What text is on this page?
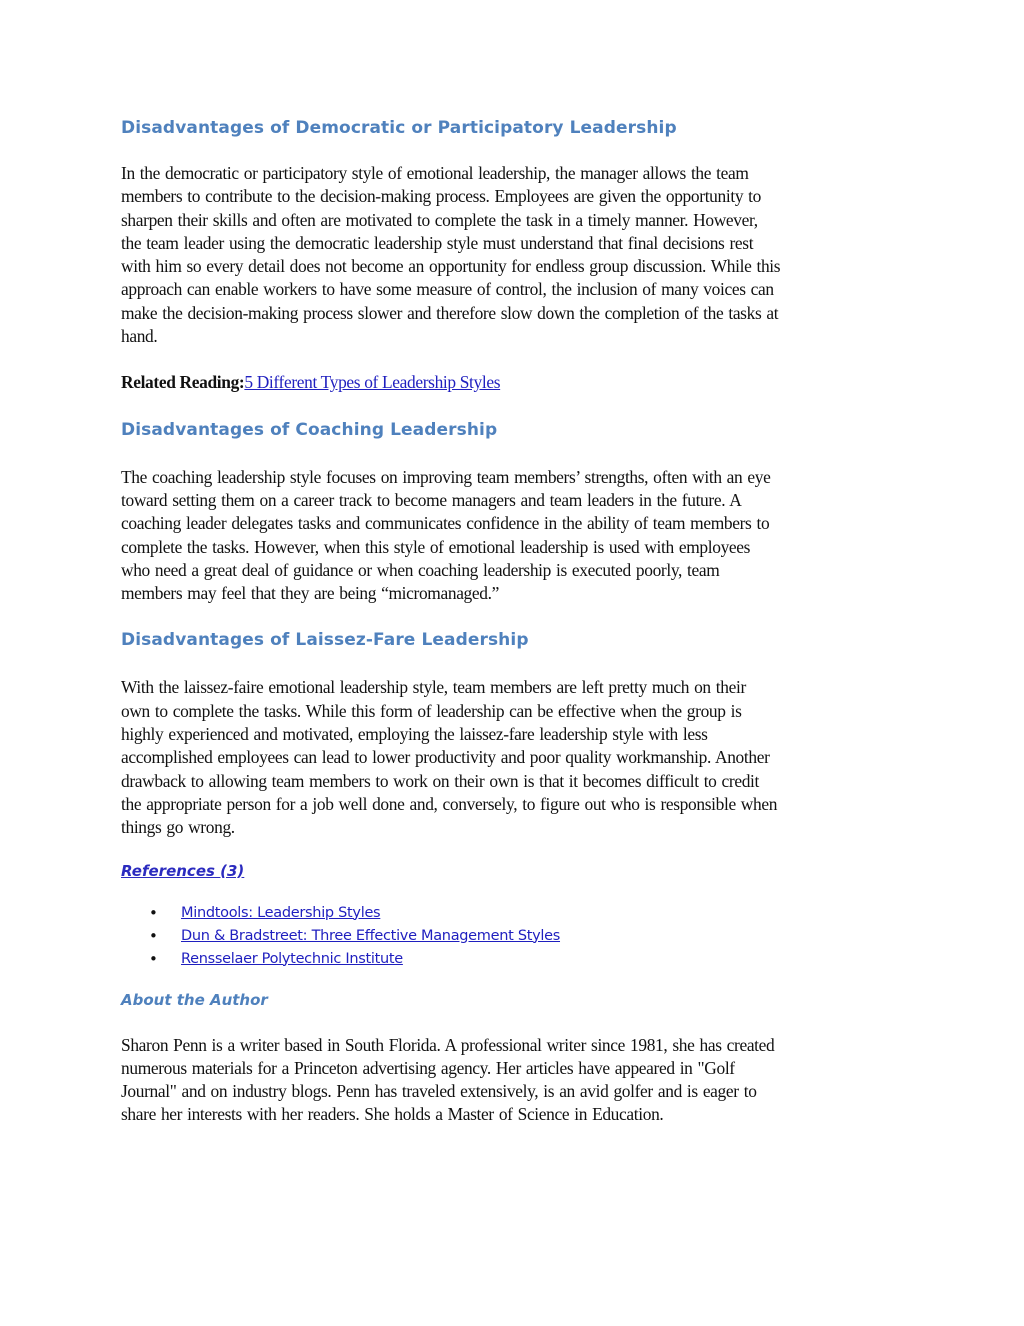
Disadvantages of Democratic or Participatory Leadership

In the democratic or participatory style of emotional leadership, the manager allows the team
members to contribute to the decision-making process. Employees are given the opportunity to
sharpen their skills and often are motivated to complete the task in a timely manner. However,
the team leader using the democratic leadership style must understand that final decisions rest
with him so every detail does not become an opportunity for endless group discussion. While this
approach can enable workers to have some measure of control, the inclusion of many voices can
make the decision-making process slower and therefore slow down the completion of the tasks at
hand.

Related Reading:5 Different Types of Leadership Styles

Disadvantages of Coaching Leadership

The coaching leadership style focuses on improving team members’ strengths, often with an eye
toward setting them on a career track to become managers and team leaders in the future. A
coaching leader delegates tasks and communicates confidence in the ability of team members to
complete the tasks. However, when this style of emotional leadership is used with employees
who need a great deal of guidance or when coaching leadership is executed poorly, team
members may feel that they are being “micromanaged.”

Disadvantages of Laissez-Fare Leadership

With the laissez-faire emotional leadership style, team members are left pretty much on their
own to complete the tasks. While this form of leadership can be effective when the group is
highly experienced and motivated, employing the laissez-fare leadership style with less
accomplished employees can lead to lower productivity and poor quality workmanship. Another
drawback to allowing team members to work on their own is that it becomes difficult to credit
the appropriate person for a job well done and, conversely, to figure out who is responsible when
things go wrong.

References (3)

• Mindtools: Leadership Styles
• Dun & Bradstreet: Three Effective Management Styles
• Rensselaer Polytechnic Institute

About the Author

Sharon Penn is a writer based in South Florida. A professional writer since 1981, she has created
numerous materials for a Princeton advertising agency. Her articles have appeared in "Golf
Journal" and on industry blogs. Penn has traveled extensively, is an avid golfer and is eager to
share her interests with her readers. She holds a Master of Science in Education.
